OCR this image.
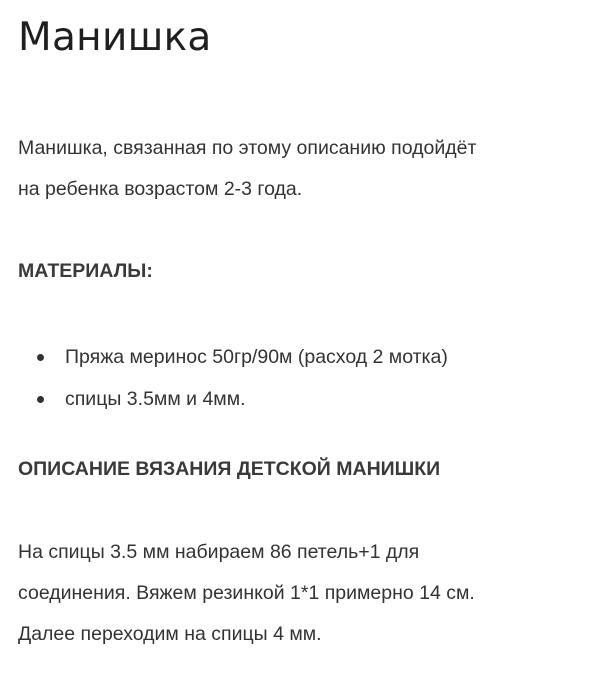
Манишка

Манишка, связанная по этому описанию подойдёт
на ребенка возрастом 2-3 года.

МАТЕРИАЛЫ:
Пряжа меринос 50гр/90м (расход 2 мотка)
спицы 3.5мм и 4мм.
ОПИСАНИЕ ВЯЗАНИЯ ДЕТСКОЙ МАНИШКИ

На спицы 3.5 мм набираем 86 петель+1 для
соединения. Вяжем резинкой 1*1 примерно 14 см.
Далее переходим на спицы 4 мм.
